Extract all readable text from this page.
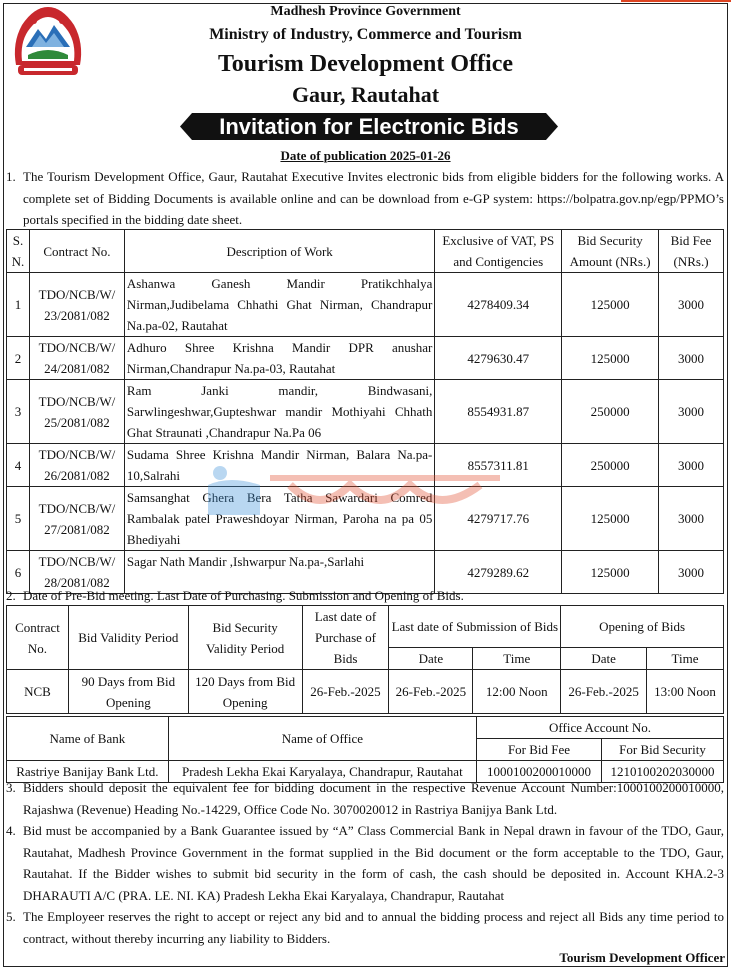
Madhesh Province Government
Ministry of Industry, Commerce and Tourism
Tourism Development Office
Gaur, Rautahat
Invitation for Electronic Bids
Date of publication 2025-01-26
1. The Tourism Development Office, Gaur, Rautahat Executive Invites electronic bids from eligible bidders for the following works. A complete set of Bidding Documents is available online and can be download from e-GP system: https://bolpatra.gov.np/egp/PPMO’s portals specified in the bidding date sheet.
S. N.	Contract No.	Description of Work	Exclusive of VAT, PS and Contigencies	Bid Security Amount (NRs.)	Bid Fee (NRs.)
1	TDO/NCB/W/ 23/2081/082	Ashanwa Ganesh Mandir Pratikchhalya Nirman,Judibelama Chhathi Ghat Nirman, Chandrapur Na.pa-02, Rautahat	4278409.34	125000	3000
2	TDO/NCB/W/ 24/2081/082	Adhuro Shree Krishna Mandir DPR anushar Nirman,Chandrapur Na.pa-03, Rautahat	4279630.47	125000	3000
3	TDO/NCB/W/ 25/2081/082	Ram Janki mandir, Bindwasani, Sarwlingeshwar,Gupteshwar mandir Mothiyahi Chhath Ghat Straunati ,Chandrapur Na.Pa 06	8554931.87	250000	3000
4	TDO/NCB/W/ 26/2081/082	Sudama Shree Krishna Mandir Nirman, Balara Na.pa-10,Salrahi	8557311.81	250000	3000
5	TDO/NCB/W/ 27/2081/082	Samsanghat Ghera Bera Tatha Sawardari Comred Rambalak patel Praweshdoyar Nirman, Paroha na pa 05 Bhediyahi	4279717.76	125000	3000
6	TDO/NCB/W/ 28/2081/082	Sagar Nath Mandir ,Ishwarpur Na.pa-,Sarlahi	4279289.62	125000	3000
2. Date of Pre-Bid meeting. Last Date of Purchasing. Submission and Opening of Bids.
Contract No.	Bid Validity Period	Bid Security Validity Period	Last date of Purchase of Bids	Last date of Submission of Bids		Opening of Bids	
				Date	Time	Date	Time
NCB	90 Days from Bid Opening	120 Days from Bid Opening	26-Feb.-2025	26-Feb.-2025	12:00 Noon	26-Feb.-2025	13:00 Noon
Name of Bank	Name of Office	Office Account No.	
		For Bid Fee	For Bid Security
Rastriye Banijay Bank Ltd.	Pradesh Lekha Ekai Karyalaya, Chandrapur, Rautahat	1000100200010000	1210100202030000
3. Bidders should deposit the equivalent fee for bidding document in the respective Revenue Account Number:1000100200010000, Rajashwa (Revenue) Heading No.-14229, Office Code No. 3070020012 in Rastriya Banijya Bank Ltd.
4. Bid must be accompanied by a Bank Guarantee issued by “A” Class Commercial Bank in Nepal drawn in favour of the TDO, Gaur, Rautahat, Madhesh Province Government in the format supplied in the Bid document or the form acceptable to the TDO, Gaur, Rautahat. If the Bidder wishes to submit bid security in the form of cash, the cash should be deposited in. Account KHA.2-3 DHARAUTI A/C (PRA. LE. NI. KA) Pradesh Lekha Ekai Karyalaya, Chandrapur, Rautahat
5. The Employeer reserves the right to accept or reject any bid and to annual the bidding process and reject all Bids any time period to contract, without thereby incurring any liability to Bidders.
Tourism Development Officer
